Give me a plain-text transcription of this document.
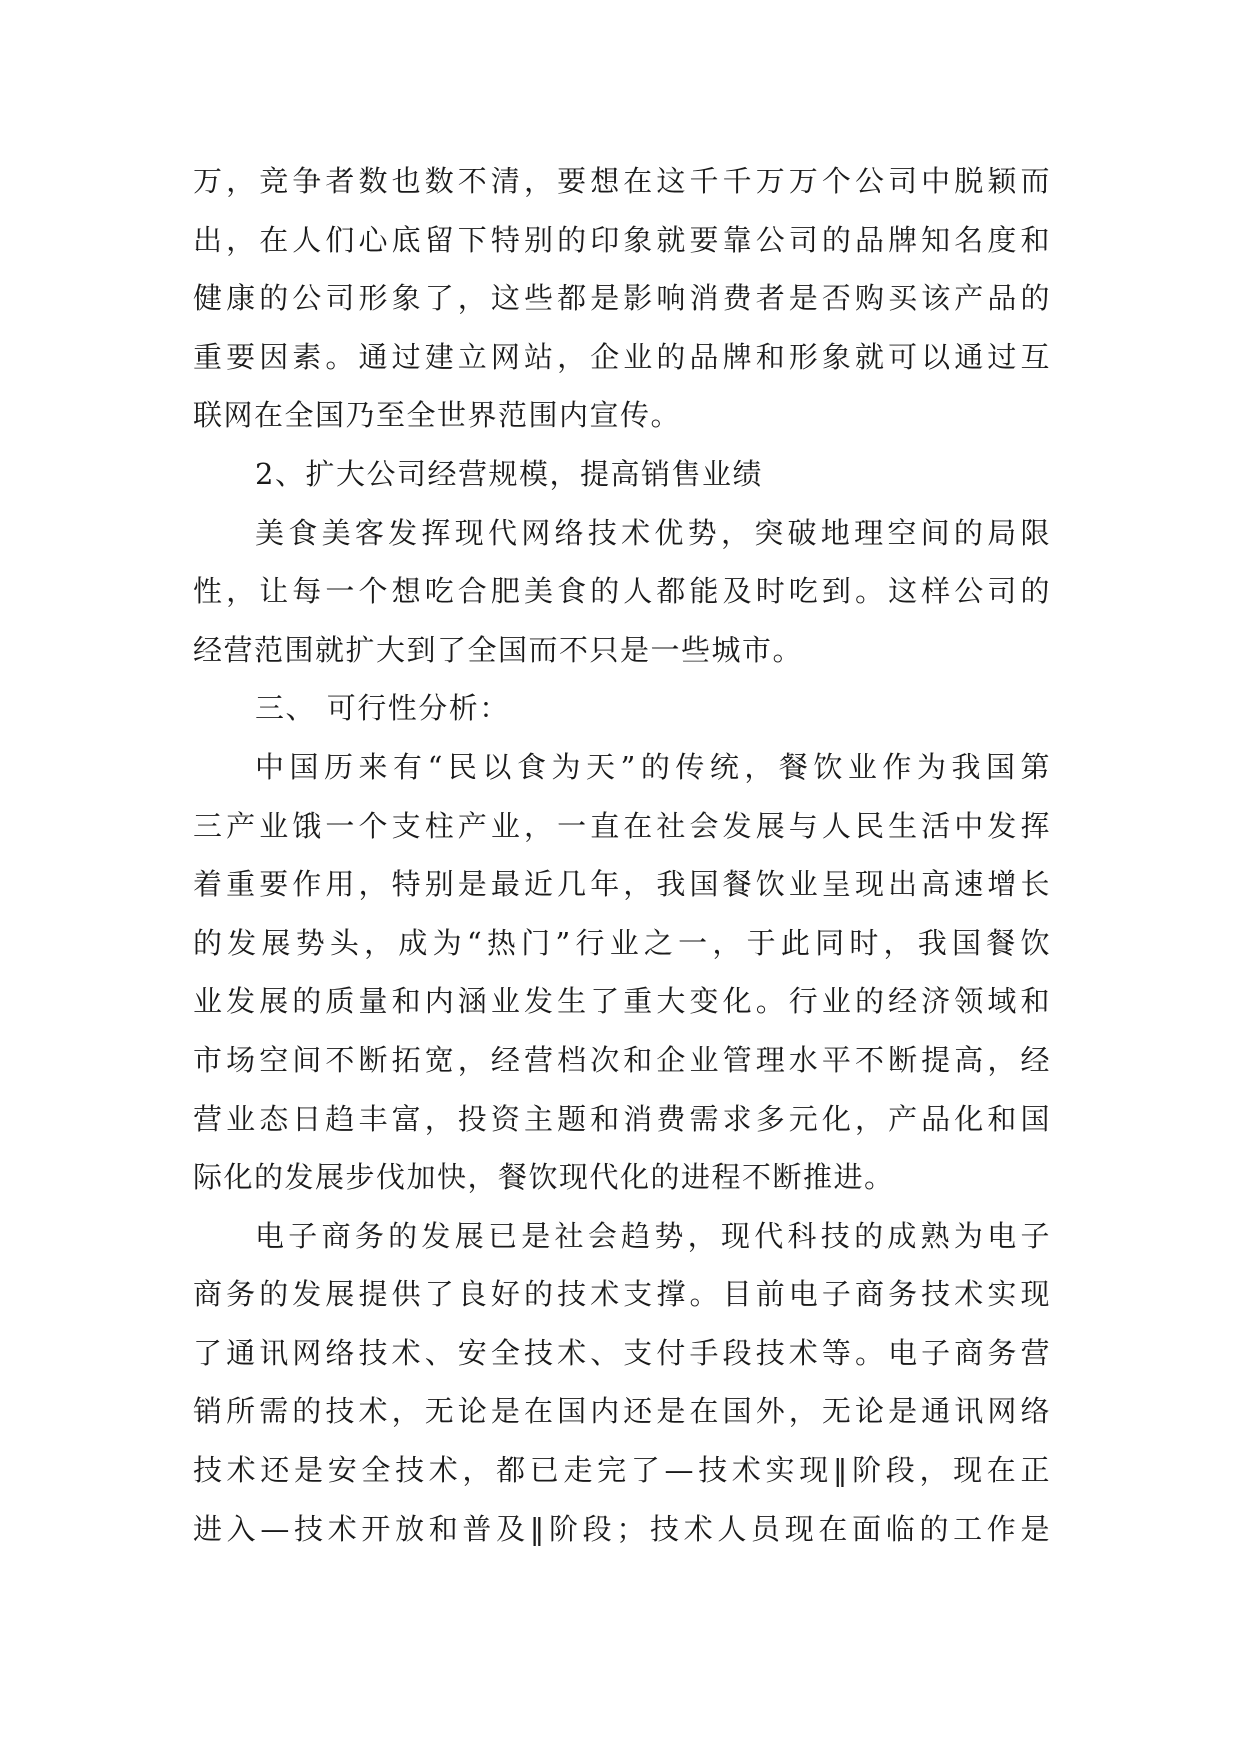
万，竞争者数也数不清，要想在这千千万万个公司中脱颖而
出，在人们心底留下特别的印象就要靠公司的品牌知名度和
健康的公司形象了，这些都是影响消费者是否购买该产品的
重要因素。通过建立网站，企业的品牌和形象就可以通过互
联网在全国乃至全世界范围内宣传。
2、扩大公司经营规模，提高销售业绩
美食美客发挥现代网络技术优势，突破地理空间的局限
性，让每一个想吃合肥美食的人都能及时吃到。这样公司的
经营范围就扩大到了全国而不只是一些城市。
三、 可行性分析：
中国历来有“民以食为天”的传统，餐饮业作为我国第
三产业饿一个支柱产业，一直在社会发展与人民生活中发挥
着重要作用，特别是最近几年，我国餐饮业呈现出高速增长
的发展势头，成为“热门”行业之一，于此同时，我国餐饮
业发展的质量和内涵业发生了重大变化。行业的经济领域和
市场空间不断拓宽，经营档次和企业管理水平不断提高，经
营业态日趋丰富，投资主题和消费需求多元化，产品化和国
际化的发展步伐加快，餐饮现代化的进程不断推进。
电子商务的发展已是社会趋势，现代科技的成熟为电子
商务的发展提供了良好的技术支撑。目前电子商务技术实现
了通讯网络技术、安全技术、支付手段技术等。电子商务营
销所需的技术，无论是在国内还是在国外，无论是通讯网络
技术还是安全技术，都已走完了—技术实现‖阶段，现在正
进入—技术开放和普及‖阶段；技术人员现在面临的工作是
